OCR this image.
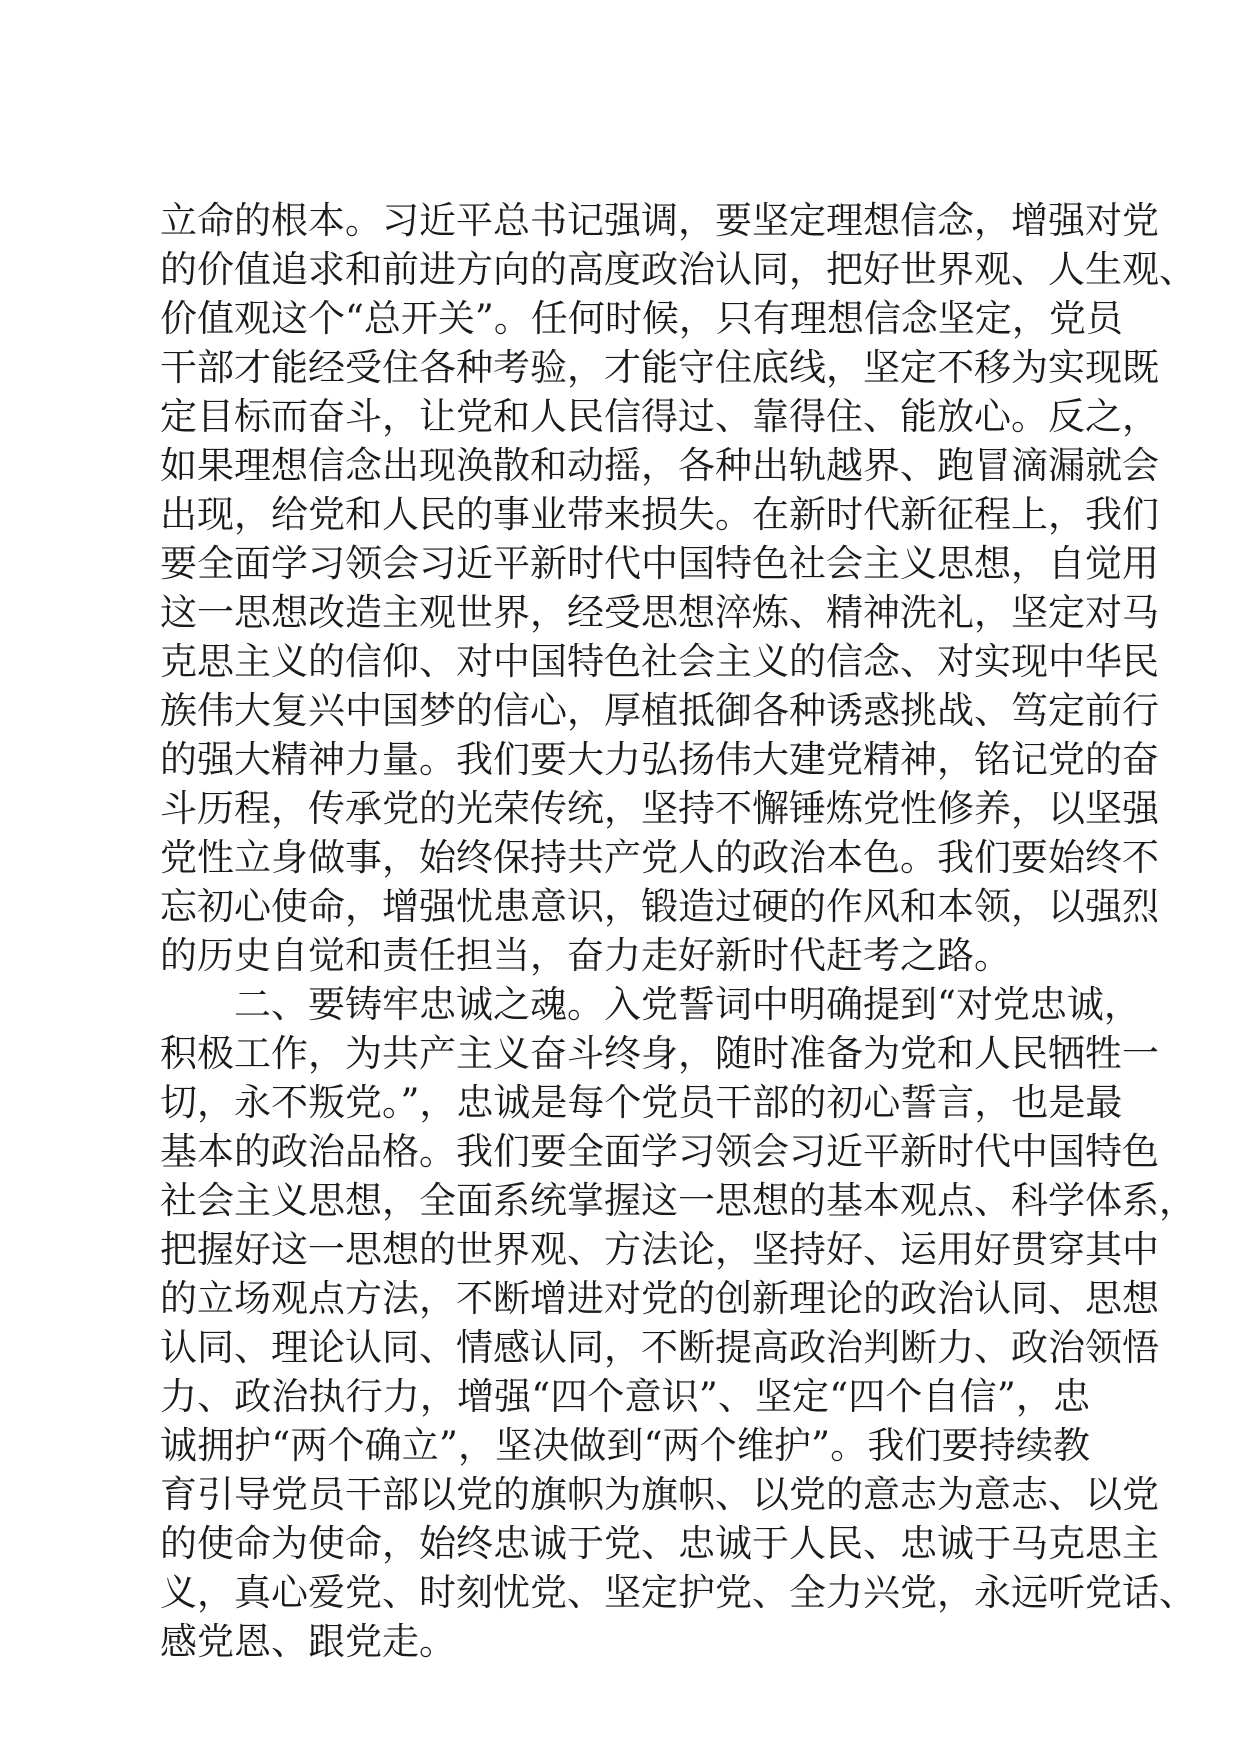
立命的根本。习近平总书记强调，要坚定理想信念，增强对党
的价值追求和前进方向的高度政治认同，把好世界观、人生观、
价值观这个“总开关”。任何时候，只有理想信念坚定，党员
干部才能经受住各种考验，才能守住底线，坚定不移为实现既
定目标而奋斗，让党和人民信得过、靠得住、能放心。反之，
如果理想信念出现涣散和动摇，各种出轨越界、跑冒滴漏就会
出现，给党和人民的事业带来损失。在新时代新征程上，我们
要全面学习领会习近平新时代中国特色社会主义思想，自觉用
这一思想改造主观世界，经受思想淬炼、精神洗礼，坚定对马
克思主义的信仰、对中国特色社会主义的信念、对实现中华民
族伟大复兴中国梦的信心，厚植抵御各种诱惑挑战、笃定前行
的强大精神力量。我们要大力弘扬伟大建党精神，铭记党的奋
斗历程，传承党的光荣传统，坚持不懈锤炼党性修养，以坚强
党性立身做事，始终保持共产党人的政治本色。我们要始终不
忘初心使命，增强忧患意识，锻造过硬的作风和本领，以强烈
的历史自觉和责任担当，奋力走好新时代赶考之路。
二、要铸牢忠诚之魂。入党誓词中明确提到“对党忠诚，
积极工作，为共产主义奋斗终身，随时准备为党和人民牺牲一
切，永不叛党。”，忠诚是每个党员干部的初心誓言，也是最
基本的政治品格。我们要全面学习领会习近平新时代中国特色
社会主义思想，全面系统掌握这一思想的基本观点、科学体系，
把握好这一思想的世界观、方法论，坚持好、运用好贯穿其中
的立场观点方法，不断增进对党的创新理论的政治认同、思想
认同、理论认同、情感认同，不断提高政治判断力、政治领悟
力、政治执行力，增强“四个意识”、坚定“四个自信”，忠
诚拥护“两个确立”，坚决做到“两个维护”。我们要持续教
育引导党员干部以党的旗帜为旗帜、以党的意志为意志、以党
的使命为使命，始终忠诚于党、忠诚于人民、忠诚于马克思主
义，真心爱党、时刻忧党、坚定护党、全力兴党，永远听党话、
感党恩、跟党走。
